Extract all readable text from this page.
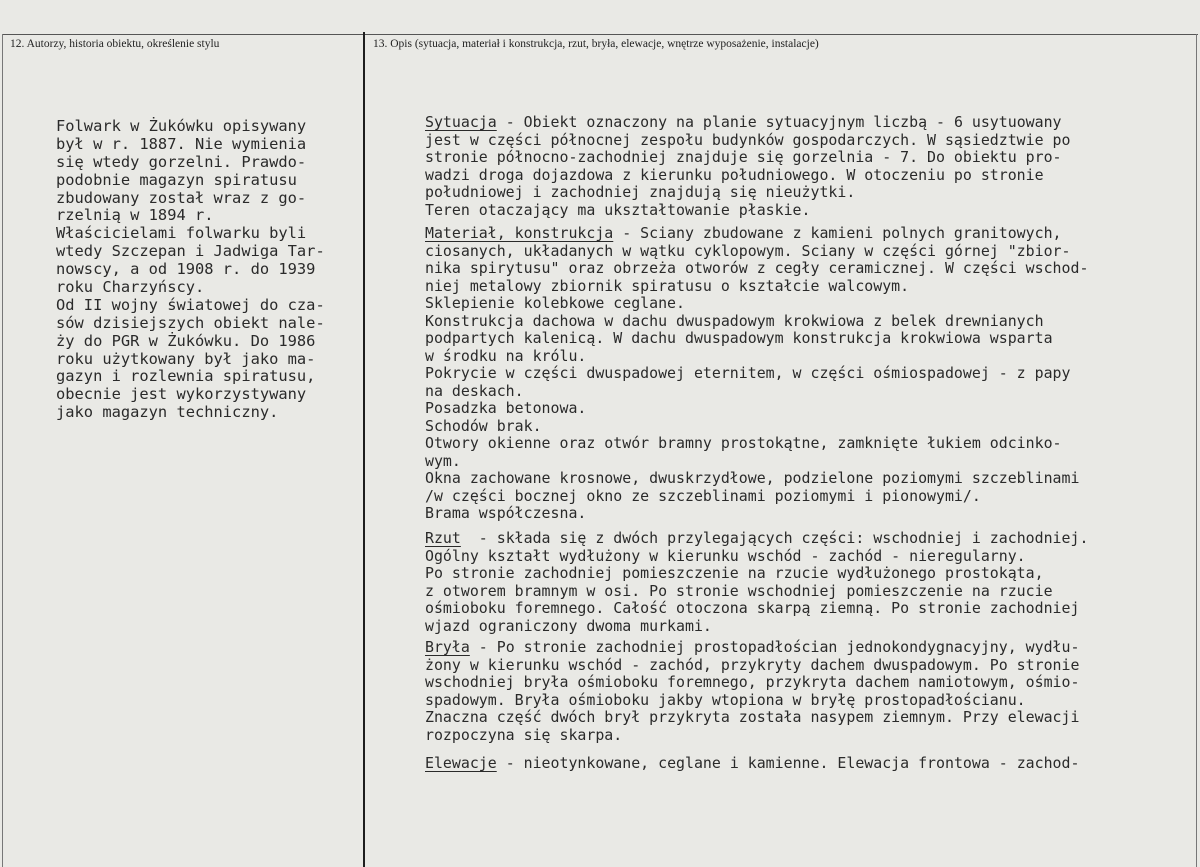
12. Autorzy, historia obiektu, określenie stylu	13. Opis (sytuacja, materiał i konstrukcja, rzut, bryła, elewacje, wnętrze wyposażenie, instalacje)
Folwark w Żukówku opisywany
był w r. 1887. Nie wymienia
się wtedy gorzelni. Prawdo-
podobnie magazyn spiratusu
zbudowany został wraz z go-
rzelnią w 1894 r.
Właścicielami folwarku byli
wtedy Szczepan i Jadwiga Tar-
nowscy, a od 1908 r. do 1939
roku Charzyńscy.
Od II wojny światowej do cza-
sów dzisiejszych obiekt nale-
ży do PGR w Żukówku. Do 1986
roku użytkowany był jako ma-
gazyn i rozlewnia spiratusu,
obecnie jest wykorzystywany
jako magazyn techniczny.
Sytuacja - Obiekt oznaczony na planie sytuacyjnym liczbą - 6 usytuowany
jest w części północnej zespołu budynków gospodarczych. W sąsiedztwie po
stronie północno-zachodniej znajduje się gorzelnia - 7. Do obiektu pro-
wadzi droga dojazdowa z kierunku południowego. W otoczeniu po stronie
południowej i zachodniej znajdują się nieużytki.
Teren otaczający ma ukształtowanie płaskie.
Materiał, konstrukcja - Sciany zbudowane z kamieni polnych granitowych,
ciosanych, układanych w wątku cyklopowym. Sciany w części górnej "zbior-
nika spirytusu" oraz obrzeża otworów z cegły ceramicznej. W części wschod-
niej metalowy zbiornik spiratusu o kształcie walcowym.
Sklepienie kolebkowe ceglane.
Konstrukcja dachowa w dachu dwuspadowym krokwiowa z belek drewnianych
podpartych kalenicą. W dachu dwuspadowym konstrukcja krokwiowa wsparta
w środku na królu.
Pokrycie w części dwuspadowej eternitem, w części ośmiospadowej - z papy
na deskach.
Posadzka betonowa.
Schodów brak.
Otwory okienne oraz otwór bramny prostokątne, zamknięte łukiem odcinko-
wym.
Okna zachowane krosnowe, dwuskrzydłowe, podzielone poziomymi szczeblinami
/w części bocznej okno ze szczeblinami poziomymi i pionowymi/.
Brama współczesna.
Rzut  - składa się z dwóch przylegających części: wschodniej i zachodniej.
Ogólny kształt wydłużony w kierunku wschód - zachód - nieregularny.
Po stronie zachodniej pomieszczenie na rzucie wydłużonego prostokąta,
z otworem bramnym w osi. Po stronie wschodniej pomieszczenie na rzucie
ośmioboku foremnego. Całość otoczona skarpą ziemną. Po stronie zachodniej
wjazd ograniczony dwoma murkami.
Bryła - Po stronie zachodniej prostopadłościan jednokondygnacyjny, wydłu-
żony w kierunku wschód - zachód, przykryty dachem dwuspadowym. Po stronie
wschodniej bryła ośmioboku foremnego, przykryta dachem namiotowym, ośmio-
spadowym. Bryła ośmioboku jakby wtopiona w bryłę prostopadłościanu.
Znaczna część dwóch brył przykryta została nasypem ziemnym. Przy elewacji
rozpoczyna się skarpa.
Elewacje - nieotynkowane, ceglane i kamienne. Elewacja frontowa - zachod-
